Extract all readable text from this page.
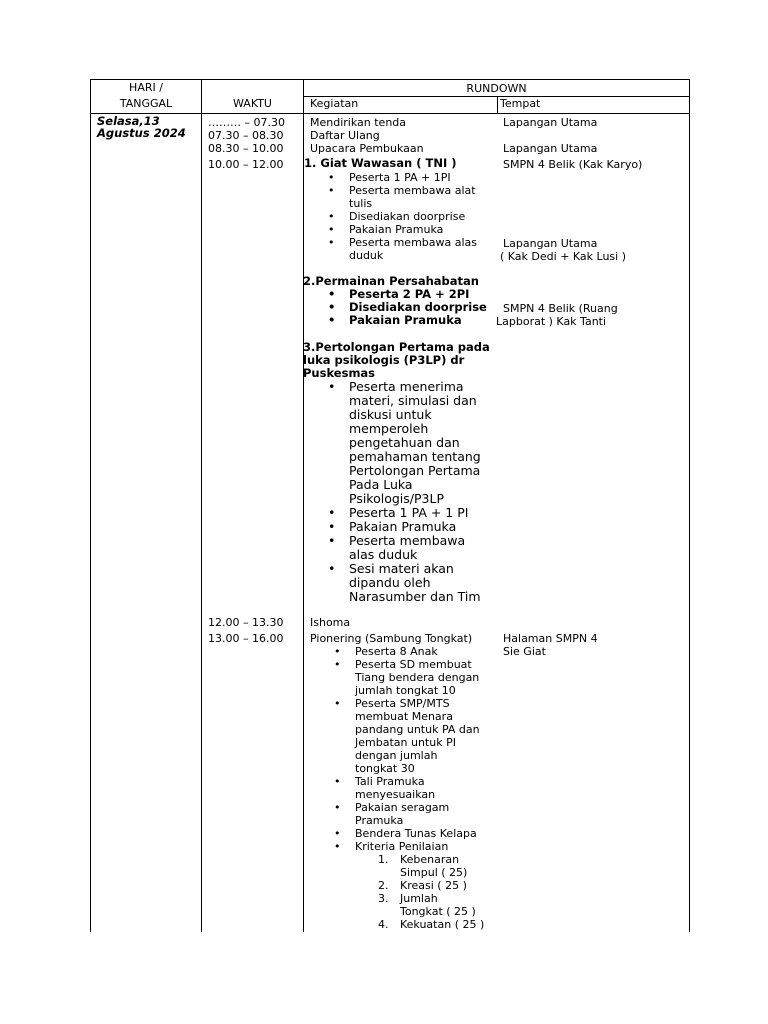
HARI /
TANGGAL	WAKTU
RUNDOWN
Kegiatan	Tempat
Selasa,13
Agustus 2024
……… – 07.30
07.30 – 08.30
08.30 – 10.00
10.00 – 12.00
12.00 – 13.30
13.00 – 16.00
Mendirikan tenda
Daftar Ulang
Upacara Pembukaan
1. Giat Wawasan ( TNI )
• Peserta 1 PA + 1PI
• Peserta membawa alat
tulis
• Disediakan doorprise
• Pakaian Pramuka
• Peserta membawa alas
duduk
2.Permainan Persahabatan
• Peserta 2 PA + 2PI
• Disediakan doorprise
• Pakaian Pramuka
3.Pertolongan Pertama pada
luka psikologis (P3LP) dr
Puskesmas
• Peserta menerima
materi, simulasi dan
diskusi untuk
memperoleh
pengetahuan dan
pemahaman tentang
Pertolongan Pertama
Pada Luka
Psikologis/P3LP
• Peserta 1 PA + 1 PI
• Pakaian Pramuka
• Peserta membawa
alas duduk
• Sesi materi akan
dipandu oleh
Narasumber dan Tim
Ishoma
Pionering (Sambung Tongkat)
• Peserta 8 Anak
• Peserta SD membuat
Tiang bendera dengan
jumlah tongkat 10
• Peserta SMP/MTS
membuat Menara
pandang untuk PA dan
Jembatan untuk PI
dengan jumlah
tongkat 30
• Tali Pramuka
menyesuaikan
• Pakaian seragam
Pramuka
• Bendera Tunas Kelapa
• Kriteria Penilaian
1. Kebenaran
Simpul ( 25)
2. Kreasi ( 25 )
3. Jumlah
Tongkat ( 25 )
4. Kekuatan ( 25 )
Lapangan Utama
Lapangan Utama
SMPN 4 Belik (Kak Karyo)
Lapangan Utama
( Kak Dedi + Kak Lusi )
SMPN 4 Belik (Ruang
Lapborat ) Kak Tanti
Halaman SMPN 4
Sie Giat
